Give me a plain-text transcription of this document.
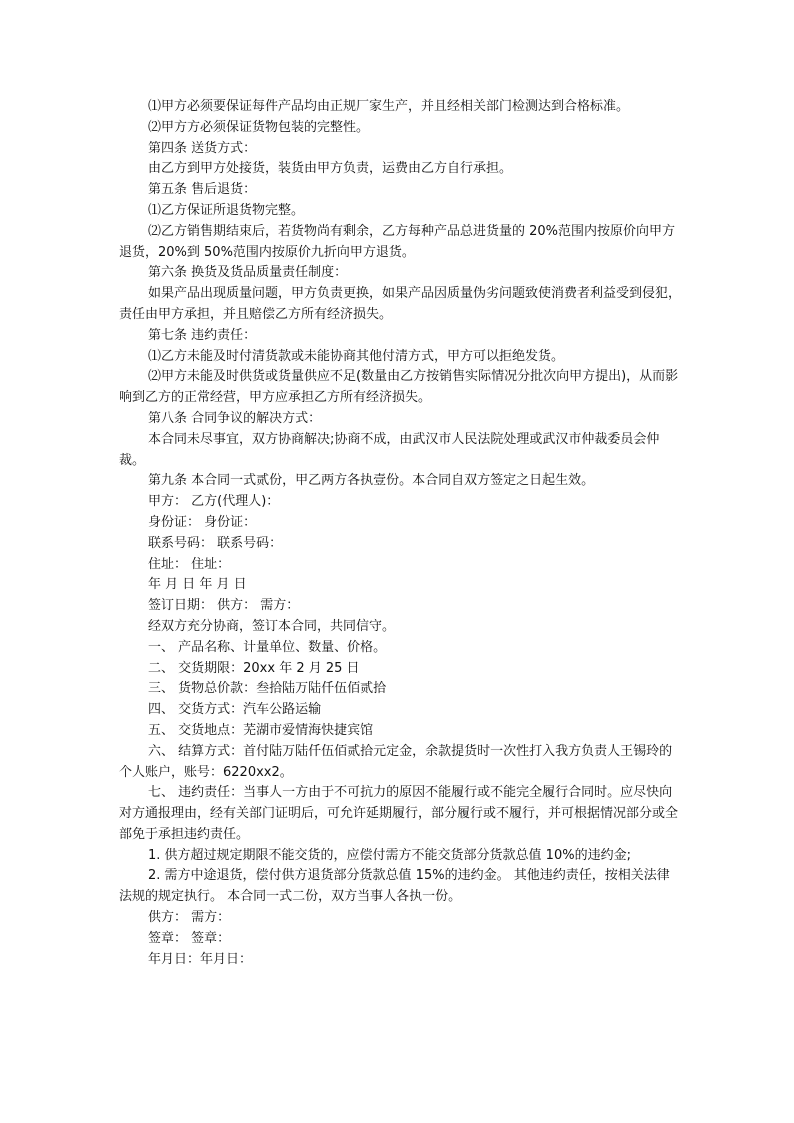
⑴甲方必须要保证每件产品均由正规厂家生产，并且经相关部门检测达到合格标准。

⑵甲方方必须保证货物包装的完整性。

第四条 送货方式：

由乙方到甲方处接货，装货由甲方负责，运费由乙方自行承担。

第五条 售后退货：

⑴乙方保证所退货物完整。

⑵乙方销售期结束后，若货物尚有剩余，乙方每种产品总进货量的 20%范围内按原价向甲方退货，20%到 50%范围内按原价九折向甲方退货。

第六条 换货及货品质量责任制度：

如果产品出现质量问题，甲方负责更换，如果产品因质量伪劣问题致使消费者利益受到侵犯，责任由甲方承担，并且赔偿乙方所有经济损失。

第七条 违约责任：

⑴乙方未能及时付清货款或未能协商其他付清方式，甲方可以拒绝发货。

⑵甲方未能及时供货或货量供应不足(数量由乙方按销售实际情况分批次向甲方提出)，从而影响到乙方的正常经营，甲方应承担乙方所有经济损失。

第八条 合同争议的解决方式：

本合同未尽事宜，双方协商解决;协商不成，由武汉市人民法院处理或武汉市仲裁委员会仲裁。

第九条 本合同一式贰份，甲乙两方各执壹份。本合同自双方签定之日起生效。

甲方： 乙方(代理人)：

身份证： 身份证：

联系号码： 联系号码：

住址： 住址：

年 月 日 年 月 日

签订日期： 供方： 需方：

经双方充分协商，签订本合同，共同信守。

一、 产品名称、计量单位、数量、价格。

二、 交货期限：20xx 年 2 月 25 日

三、 货物总价款：叁拾陆万陆仟伍佰贰拾

四、 交货方式：汽车公路运输

五、 交货地点：芜湖市爱情海快捷宾馆

六、 结算方式：首付陆万陆仟伍佰贰拾元定金，余款提货时一次性打入我方负责人王锡玲的个人账户，账号：6220xx2。

七、 违约责任：当事人一方由于不可抗力的原因不能履行或不能完全履行合同时。应尽快向对方通报理由，经有关部门证明后，可允许延期履行，部分履行或不履行，并可根据情况部分或全部免于承担违约责任。

1. 供方超过规定期限不能交货的，应偿付需方不能交货部分货款总值 10%的违约金;

2. 需方中途退货，偿付供方退货部分货款总值 15%的违约金。 其他违约责任，按相关法律法规的规定执行。 本合同一式二份，双方当事人各执一份。

供方： 需方：

签章： 签章：

年月日：年月日：
